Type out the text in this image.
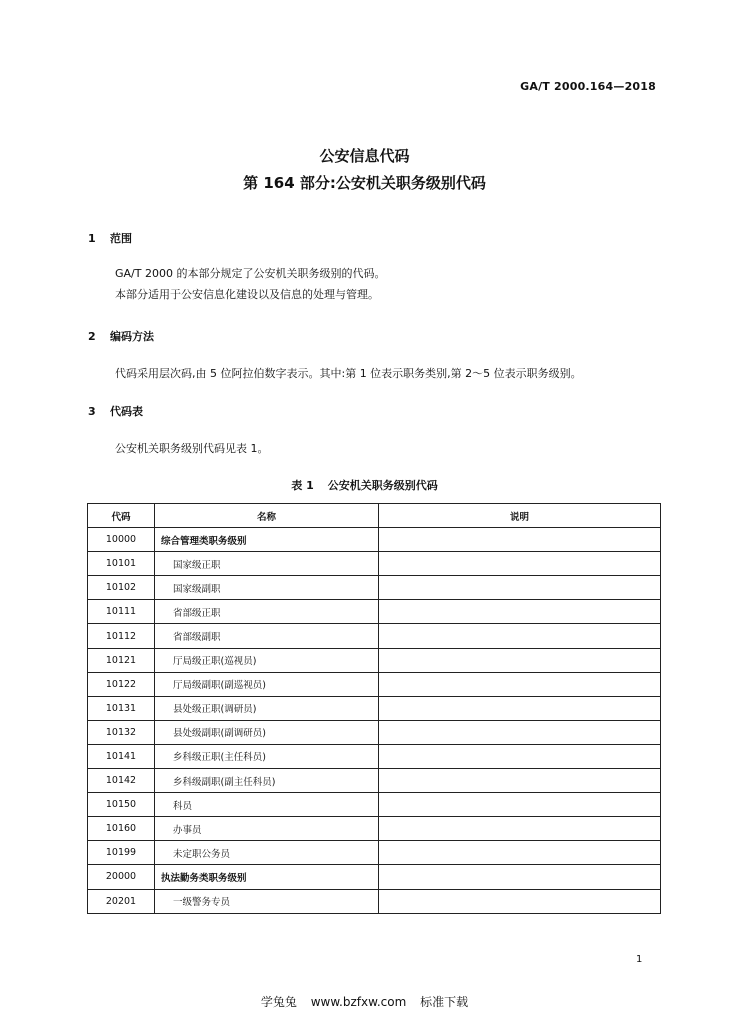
GA/T 2000.164—2018
公安信息代码
第 164 部分:公安机关职务级别代码
1 范围
GA/T 2000 的本部分规定了公安机关职务级别的代码。
本部分适用于公安信息化建设以及信息的处理与管理。
2 编码方法
代码采用层次码,由 5 位阿拉伯数字表示。其中:第 1 位表示职务类别,第 2～5 位表示职务级别。
3 代码表
公安机关职务级别代码见表 1。
表 1 公安机关职务级别代码
代码	名称	说明
10000	综合管理类职务级别	
10101	国家级正职	
10102	国家级副职	
10111	省部级正职	
10112	省部级副职	
10121	厅局级正职(巡视员)	
10122	厅局级副职(副巡视员)	
10131	县处级正职(调研员)	
10132	县处级副职(副调研员)	
10141	乡科级正职(主任科员)	
10142	乡科级副职(副主任科员)	
10150	科员	
10160	办事员	
10199	未定职公务员	
20000	执法勤务类职务级别	
20201	一级警务专员	
1
学兔兔 www.bzfxw.com 标准下载
